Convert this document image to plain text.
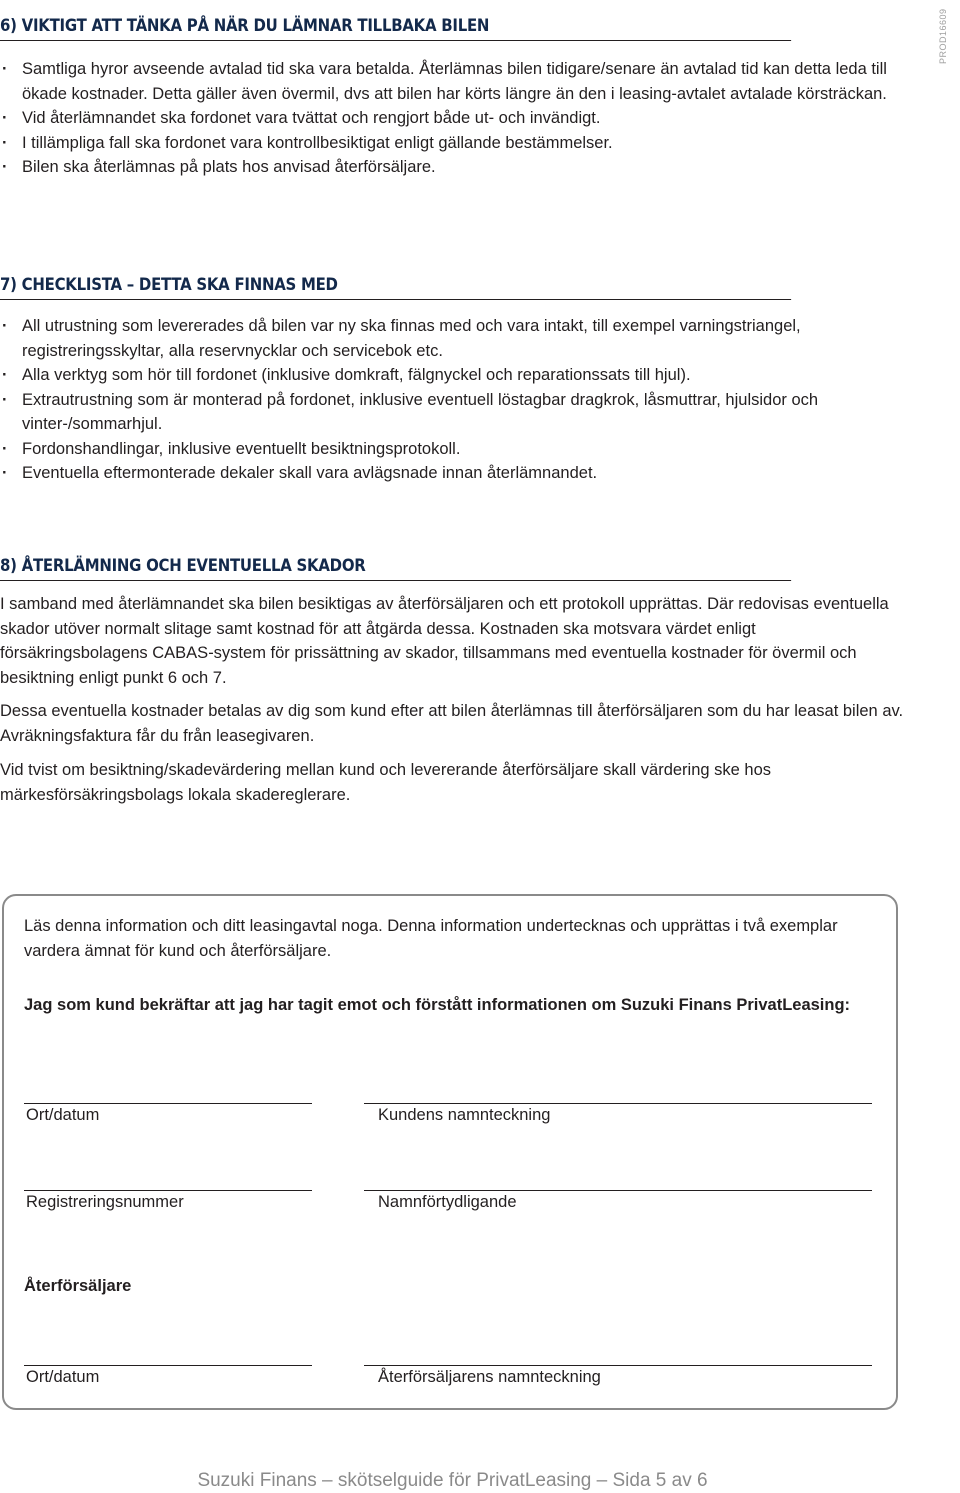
PROD16609
6) VIKTIGT ATT TÄNKA PÅ NÄR DU LÄMNAR TILLBAKA BILEN
· Samtliga hyror avseende avtalad tid ska vara betalda. Återlämnas bilen tidigare/senare än avtalad tid kan detta leda till ökade kostnader. Detta gäller även övermil, dvs att bilen har körts längre än den i leasing-avtalet avtalade körsträckan.
· Vid återlämnandet ska fordonet vara tvättat och rengjort både ut- och invändigt.
· I tillämpliga fall ska fordonet vara kontrollbesiktigat enligt gällande bestämmelser.
· Bilen ska återlämnas på plats hos anvisad återförsäljare.
7) CHECKLISTA – DETTA SKA FINNAS MED
· All utrustning som levererades då bilen var ny ska finnas med och vara intakt, till exempel varningstriangel, registreringsskyltar, alla reservnycklar och servicebok etc.
· Alla verktyg som hör till fordonet (inklusive domkraft, fälgnyckel och reparationssats till hjul).
· Extrautrustning som är monterad på fordonet, inklusive eventuell löstagbar dragkrok, låsmuttrar, hjulsidor och vinter-/sommarhjul.
· Fordonshandlingar, inklusive eventuellt besiktningsprotokoll.
· Eventuella eftermonterade dekaler skall vara avlägsnade innan återlämnandet.
8) ÅTERLÄMNING OCH EVENTUELLA SKADOR

I samband med återlämnandet ska bilen besiktigas av återförsäljaren och ett protokoll upprättas. Där redovisas eventuella skador utöver normalt slitage samt kostnad för att åtgärda dessa. Kostnaden ska motsvara värdet enligt försäkringsbolagens CABAS-system för prissättning av skador, tillsammans med eventuella kostnader för övermil och besiktning enligt punkt 6 och 7.

Dessa eventuella kostnader betalas av dig som kund efter att bilen återlämnas till återförsäljaren som du har leasat bilen av. Avräkningsfaktura får du från leasegivaren.

Vid tvist om besiktning/skadevärdering mellan kund och levererande återförsäljare skall värdering ske hos märkesförsäkringsbolags lokala skadereglerare.

Läs denna information och ditt leasingavtal noga. Denna information undertecknas och upprättas i två exemplar vardera ämnat för kund och återförsäljare.

Jag som kund bekräftar att jag har tagit emot och förstått informationen om Suzuki Finans PrivatLeasing:

Ort/datum	Kundens namnteckning
Registreringsnummer	Namnförtydligande
Återförsäljare
Ort/datum	Återförsäljarens namnteckning
Suzuki Finans – skötselguide för PrivatLeasing – Sida 5 av 6
